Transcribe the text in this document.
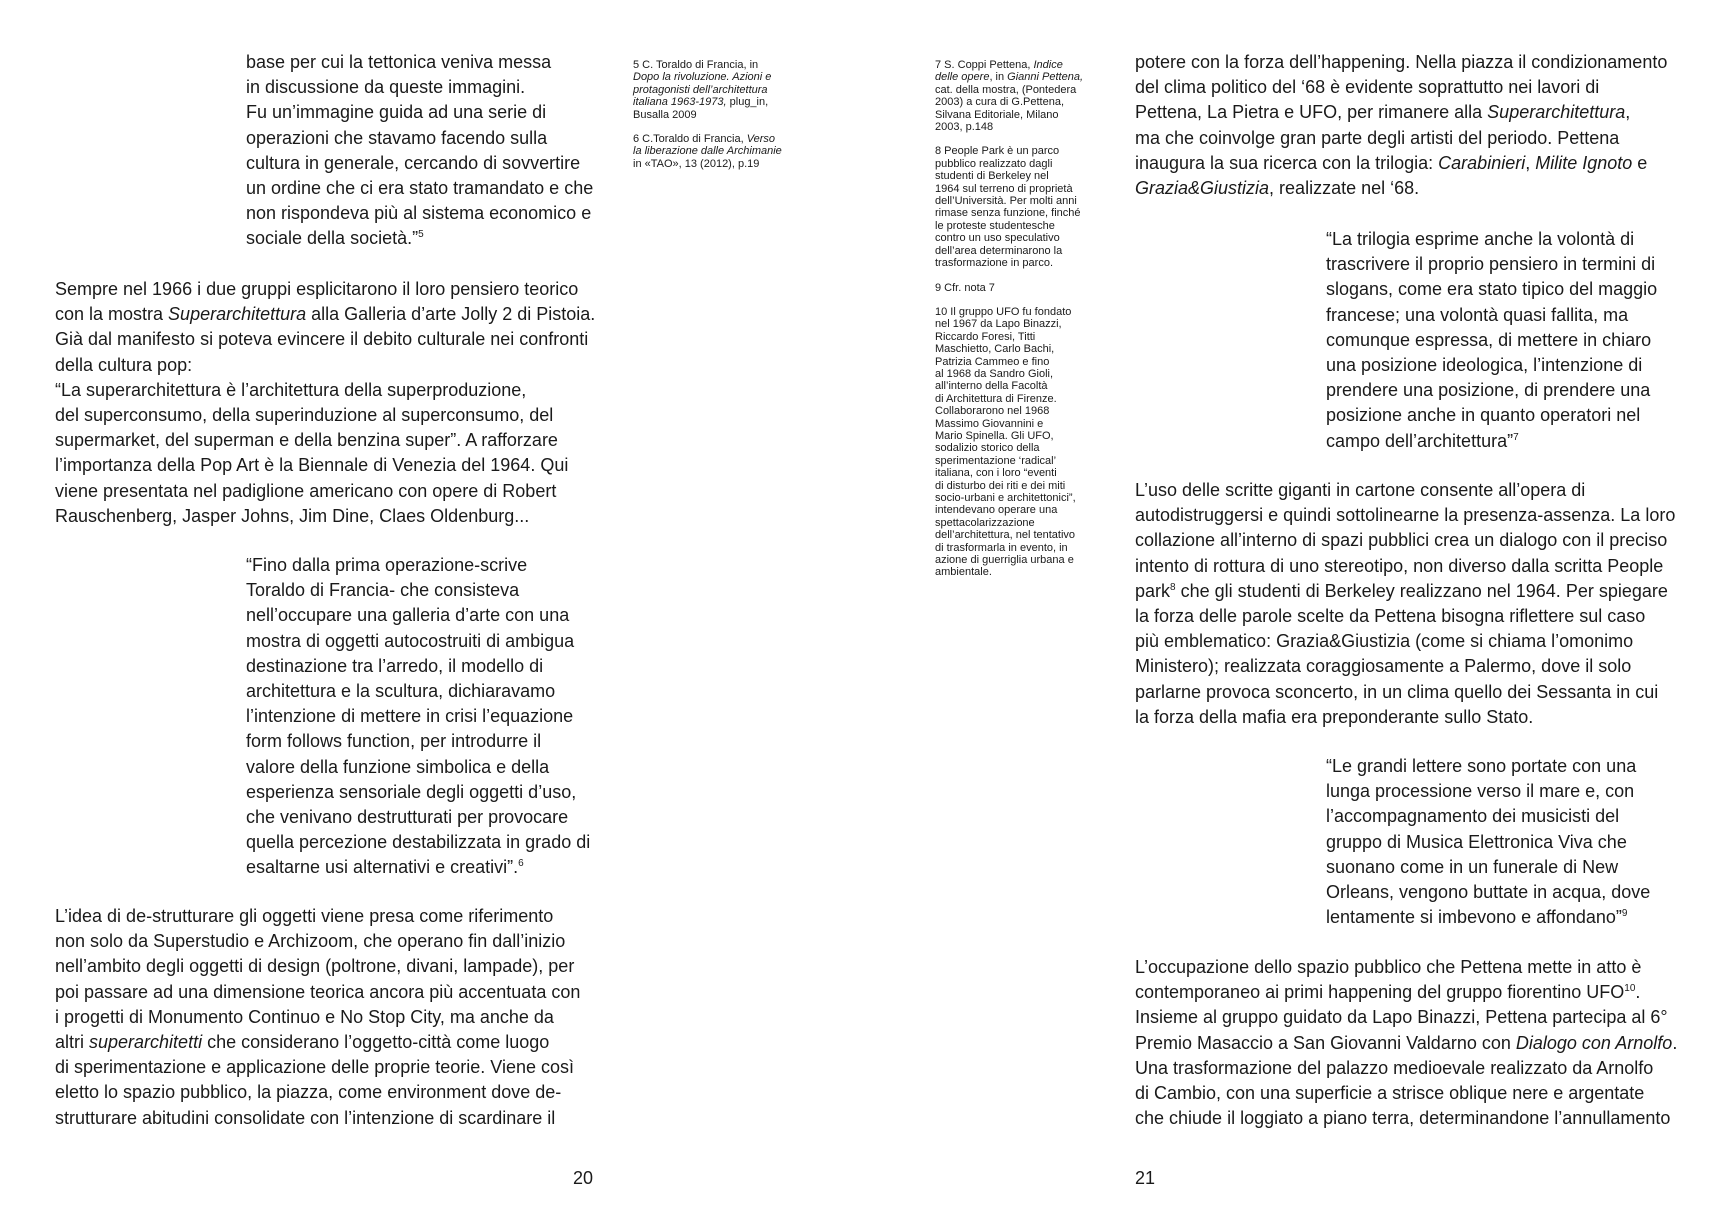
base per cui la tettonica veniva messa
in discussione da queste immagini.
Fu un’immagine guida ad una serie di
operazioni che stavamo facendo sulla
cultura in generale, cercando di sovvertire
un ordine che ci era stato tramandato e che
non rispondeva più al sistema economico e
sociale della società.”$^5$
Sempre nel 1966 i due gruppi esplicitarono il loro pensiero teorico
con la mostra Superarchitettura alla Galleria d’arte Jolly 2 di Pistoia.
Già dal manifesto si poteva evincere il debito culturale nei confronti
della cultura pop:
“La superarchitettura è l’architettura della superproduzione,
del superconsumo, della superinduzione al superconsumo, del
supermarket, del superman e della benzina super”. A rafforzare
l’importanza della Pop Art è la Biennale di Venezia del 1964. Qui
viene presentata nel padiglione americano con opere di Robert
Rauschenberg, Jasper Johns, Jim Dine, Claes Oldenburg...
“Fino dalla prima operazione-scrive
Toraldo di Francia- che consisteva
nell’occupare una galleria d’arte con una
mostra di oggetti autocostruiti di ambigua
destinazione tra l’arredo, il modello di
architettura e la scultura, dichiaravamo
l’intenzione di mettere in crisi l’equazione
form follows function, per introdurre il
valore della funzione simbolica e della
esperienza sensoriale degli oggetti d’uso,
che venivano destrutturati per provocare
quella percezione destabilizzata in grado di
esaltarne usi alternativi e creativi”.$^6$
L’idea di de-strutturare gli oggetti viene presa come riferimento
non solo da Superstudio e Archizoom, che operano fin dall’inizio
nell’ambito degli oggetti di design (poltrone, divani, lampade), per
poi passare ad una dimensione teorica ancora più accentuata con
i progetti di Monumento Continuo e No Stop City, ma anche da
altri superarchitetti che considerano l’oggetto-città come luogo
di sperimentazione e applicazione delle proprie teorie. Viene così
eletto lo spazio pubblico, la piazza, come environment dove de-
strutturare abitudini consolidate con l’intenzione di scardinare il
5 C. Toraldo di Francia, in
Dopo la rivoluzione. Azioni e
protagonisti dell’architettura
italiana 1963-1973, plug_in,
Busalla 2009
6 C.Toraldo di Francia, Verso
la liberazione dalle Archimanie
in «TAO», 13 (2012), p.19
20
7 S. Coppi Pettena, Indice
delle opere, in Gianni Pettena,
cat. della mostra, (Pontedera
2003) a cura di G.Pettena,
Silvana Editoriale, Milano
2003, p.148
8 People Park è un parco
pubblico realizzato dagli
studenti di Berkeley nel
1964 sul terreno di proprietà
dell’Università. Per molti anni
rimase senza funzione, finché
le proteste studentesche
contro un uso speculativo
dell’area determinarono la
trasformazione in parco.
9 Cfr. nota 7
10 Il gruppo UFO fu fondato
nel 1967 da Lapo Binazzi,
Riccardo Foresi, Titti
Maschietto, Carlo Bachi,
Patrizia Cammeo e fino
al 1968 da Sandro Gioli,
all’interno della Facoltà
di Architettura di Firenze.
Collaborarono nel 1968
Massimo Giovannini e
Mario Spinella. Gli UFO,
sodalizio storico della
sperimentazione ‘radical’
italiana, con i loro “eventi
di disturbo dei riti e dei miti
socio-urbani e architettonici”,
intendevano operare una
spettacolarizzazione
dell’architettura, nel tentativo
di trasformarla in evento, in
azione di guerriglia urbana e
ambientale.
potere con la forza dell’happening. Nella piazza il condizionamento
del clima politico del ‘68 è evidente soprattutto nei lavori di
Pettena, La Pietra e UFO, per rimanere alla Superarchitettura,
ma che coinvolge gran parte degli artisti del periodo. Pettena
inaugura la sua ricerca con la trilogia: Carabinieri, Milite Ignoto e
Grazia&Giustizia, realizzate nel ‘68.
“La trilogia esprime anche la volontà di
trascrivere il proprio pensiero in termini di
slogans, come era stato tipico del maggio
francese; una volontà quasi fallita, ma
comunque espressa, di mettere in chiaro
una posizione ideologica, l’intenzione di
prendere una posizione, di prendere una
posizione anche in quanto operatori nel
campo dell’architettura”$^7$
L’uso delle scritte giganti in cartone consente all’opera di
autodistruggersi e quindi sottolinearne la presenza-assenza. La loro
collazione all’interno di spazi pubblici crea un dialogo con il preciso
intento di rottura di uno stereotipo, non diverso dalla scritta People
park$^8$ che gli studenti di Berkeley realizzano nel 1964. Per spiegare
la forza delle parole scelte da Pettena bisogna riflettere sul caso
più emblematico: Grazia&Giustizia (come si chiama l’omonimo
Ministero); realizzata coraggiosamente a Palermo, dove il solo
parlarne provoca sconcerto, in un clima quello dei Sessanta in cui
la forza della mafia era preponderante sullo Stato.
“Le grandi lettere sono portate con una
lunga processione verso il mare e, con
l’accompagnamento dei musicisti del
gruppo di Musica Elettronica Viva che
suonano come in un funerale di New
Orleans, vengono buttate in acqua, dove
lentamente si imbevono e affondano”$^9$
L’occupazione dello spazio pubblico che Pettena mette in atto è
contemporaneo ai primi happening del gruppo fiorentino UFO$^{10}$.
Insieme al gruppo guidato da Lapo Binazzi, Pettena partecipa al 6°
Premio Masaccio a San Giovanni Valdarno con Dialogo con Arnolfo.
Una trasformazione del palazzo medioevale realizzato da Arnolfo
di Cambio, con una superficie a strisce oblique nere e argentate
che chiude il loggiato a piano terra, determinandone l’annullamento
21
